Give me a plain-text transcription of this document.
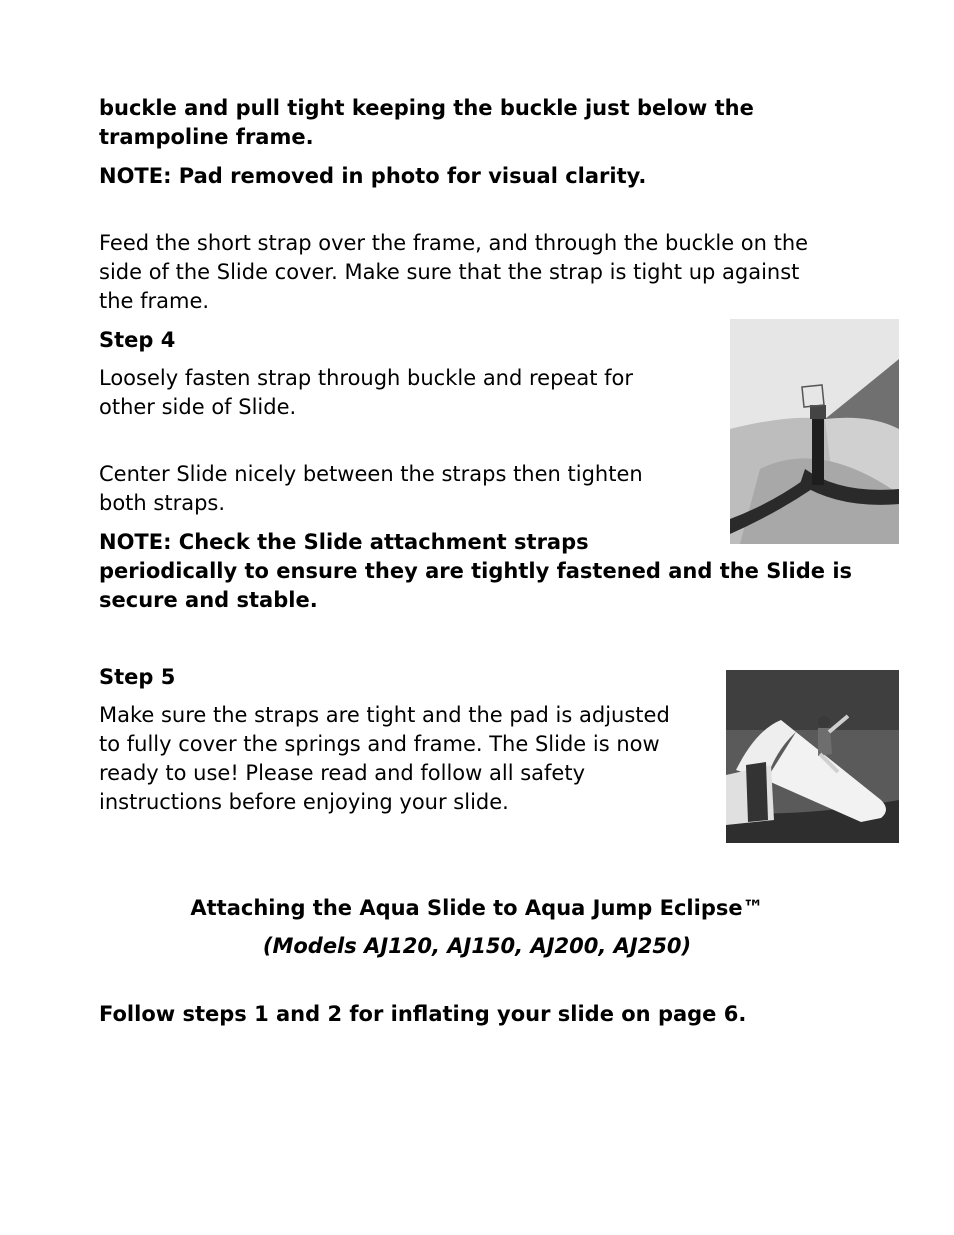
buckle and pull tight keeping the buckle just below the

trampoline frame.

NOTE: Pad removed in photo for visual clarity.

Feed the short strap over the frame, and through the buckle on the

side of the Slide cover. Make sure that the strap is tight up against

the frame.

Step 4

Loosely fasten strap through buckle and repeat for

other side of Slide.

Center Slide nicely between the straps then tighten

both straps.

NOTE: Check the Slide attachment straps

periodically to ensure they are tightly fastened and the Slide is

secure and stable.

Step 5

Make sure the straps are tight and the pad is adjusted

to fully cover the springs and frame. The Slide is now

ready to use! Please read and follow all safety

instructions before enjoying your slide.

Attaching the Aqua Slide to Aqua Jump Eclipse™

(Models AJ120, AJ150, AJ200, AJ250)

Follow steps 1 and 2 for inflating your slide on page 6.
